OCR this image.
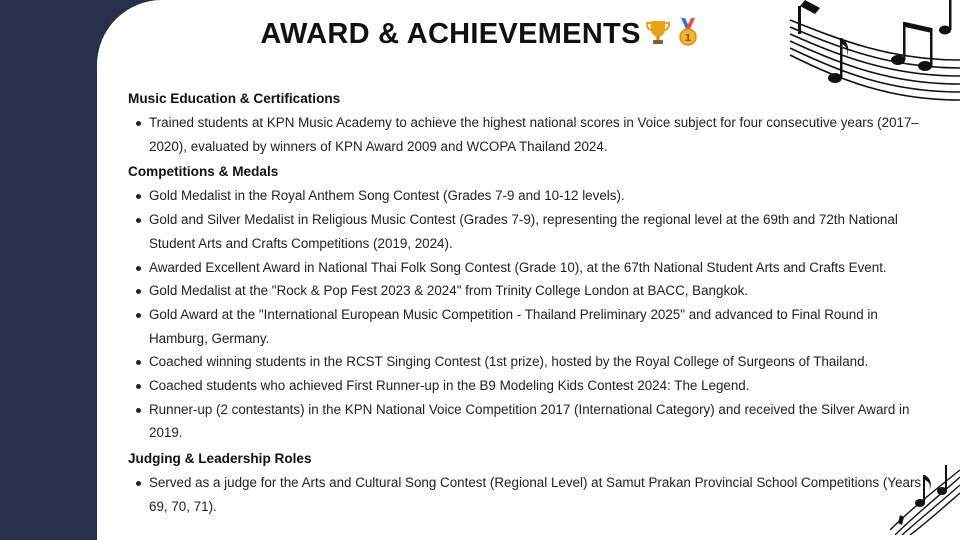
AWARD & ACHIEVEMENTS	1

Music Education & Certifications

Trained students at KPN Music Academy to achieve the highest national scores in Voice subject for four consecutive years (2017–2020), evaluated by winners of KPN Award 2009 and WCOPA Thailand 2024.

Competitions & Medals

Gold Medalist in the Royal Anthem Song Contest (Grades 7-9 and 10-12 levels).
Gold and Silver Medalist in Religious Music Contest (Grades 7-9), representing the regional level at the 69th and 72th National Student Arts and Crafts Competitions (2019, 2024).
Awarded Excellent Award in National Thai Folk Song Contest (Grade 10), at the 67th National Student Arts and Crafts Event.
Gold Medalist at the "Rock & Pop Fest 2023 & 2024" from Trinity College London at BACC, Bangkok.
Gold Award at the "International European Music Competition - Thailand Preliminary 2025" and advanced to Final Round in Hamburg, Germany.
Coached winning students in the RCST Singing Contest (1st prize), hosted by the Royal College of Surgeons of Thailand.
Coached students who achieved First Runner-up in the B9 Modeling Kids Contest 2024: The Legend.
Runner-up (2 contestants) in the KPN National Voice Competition 2017 (International Category) and received the Silver Award in 2019.

Judging & Leadership Roles

Served as a judge for the Arts and Cultural Song Contest (Regional Level) at Samut Prakan Provincial School Competitions (Years 69, 70, 71).
